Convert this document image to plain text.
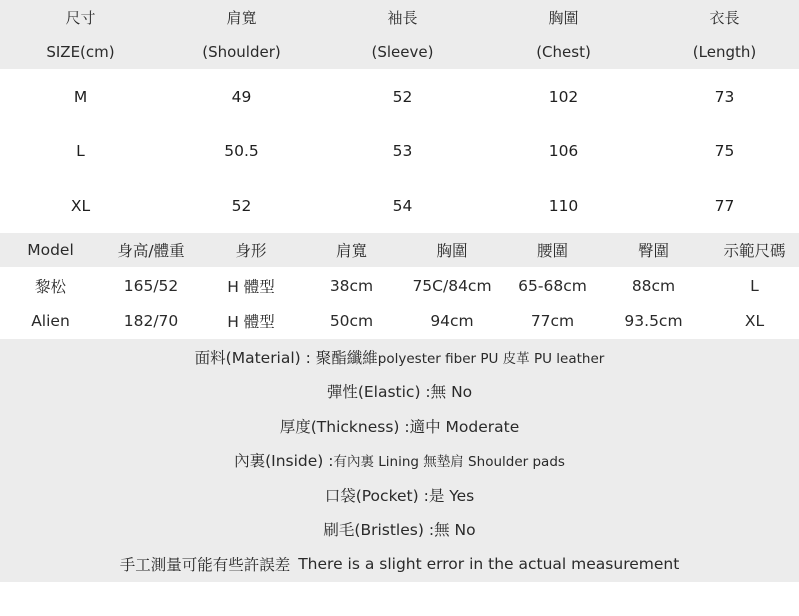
尺寸	肩寬	袖長	胸圍	衣長
SIZE(cm)	(Shoulder)	(Sleeve)	(Chest)	(Length)
M	49	52	102	73
L	50.5	53	106	75
XL	52	54	110	77
Model	身高/體重	身形	肩寬	胸圍	腰圍	臀圍	示範尺碼
黎松	165/52	H 體型	38cm	75C/84cm	65-68cm	88cm	L
Alien	182/70	H 體型	50cm	94cm	77cm	93.5cm	XL
面料(Material) : 聚酯纖維 polyester fiber PU 皮革 PU leather
彈性(Elastic) : 無 No
厚度(Thickness) : 適中 Moderate
內裏(Inside) : 有內裏 Lining 無墊肩 Shoulder pads
口袋(Pocket) : 是 Yes
刷毛(Bristles) : 無 No
手工測量可能有些許誤差 There is a slight error in the actual measurement
